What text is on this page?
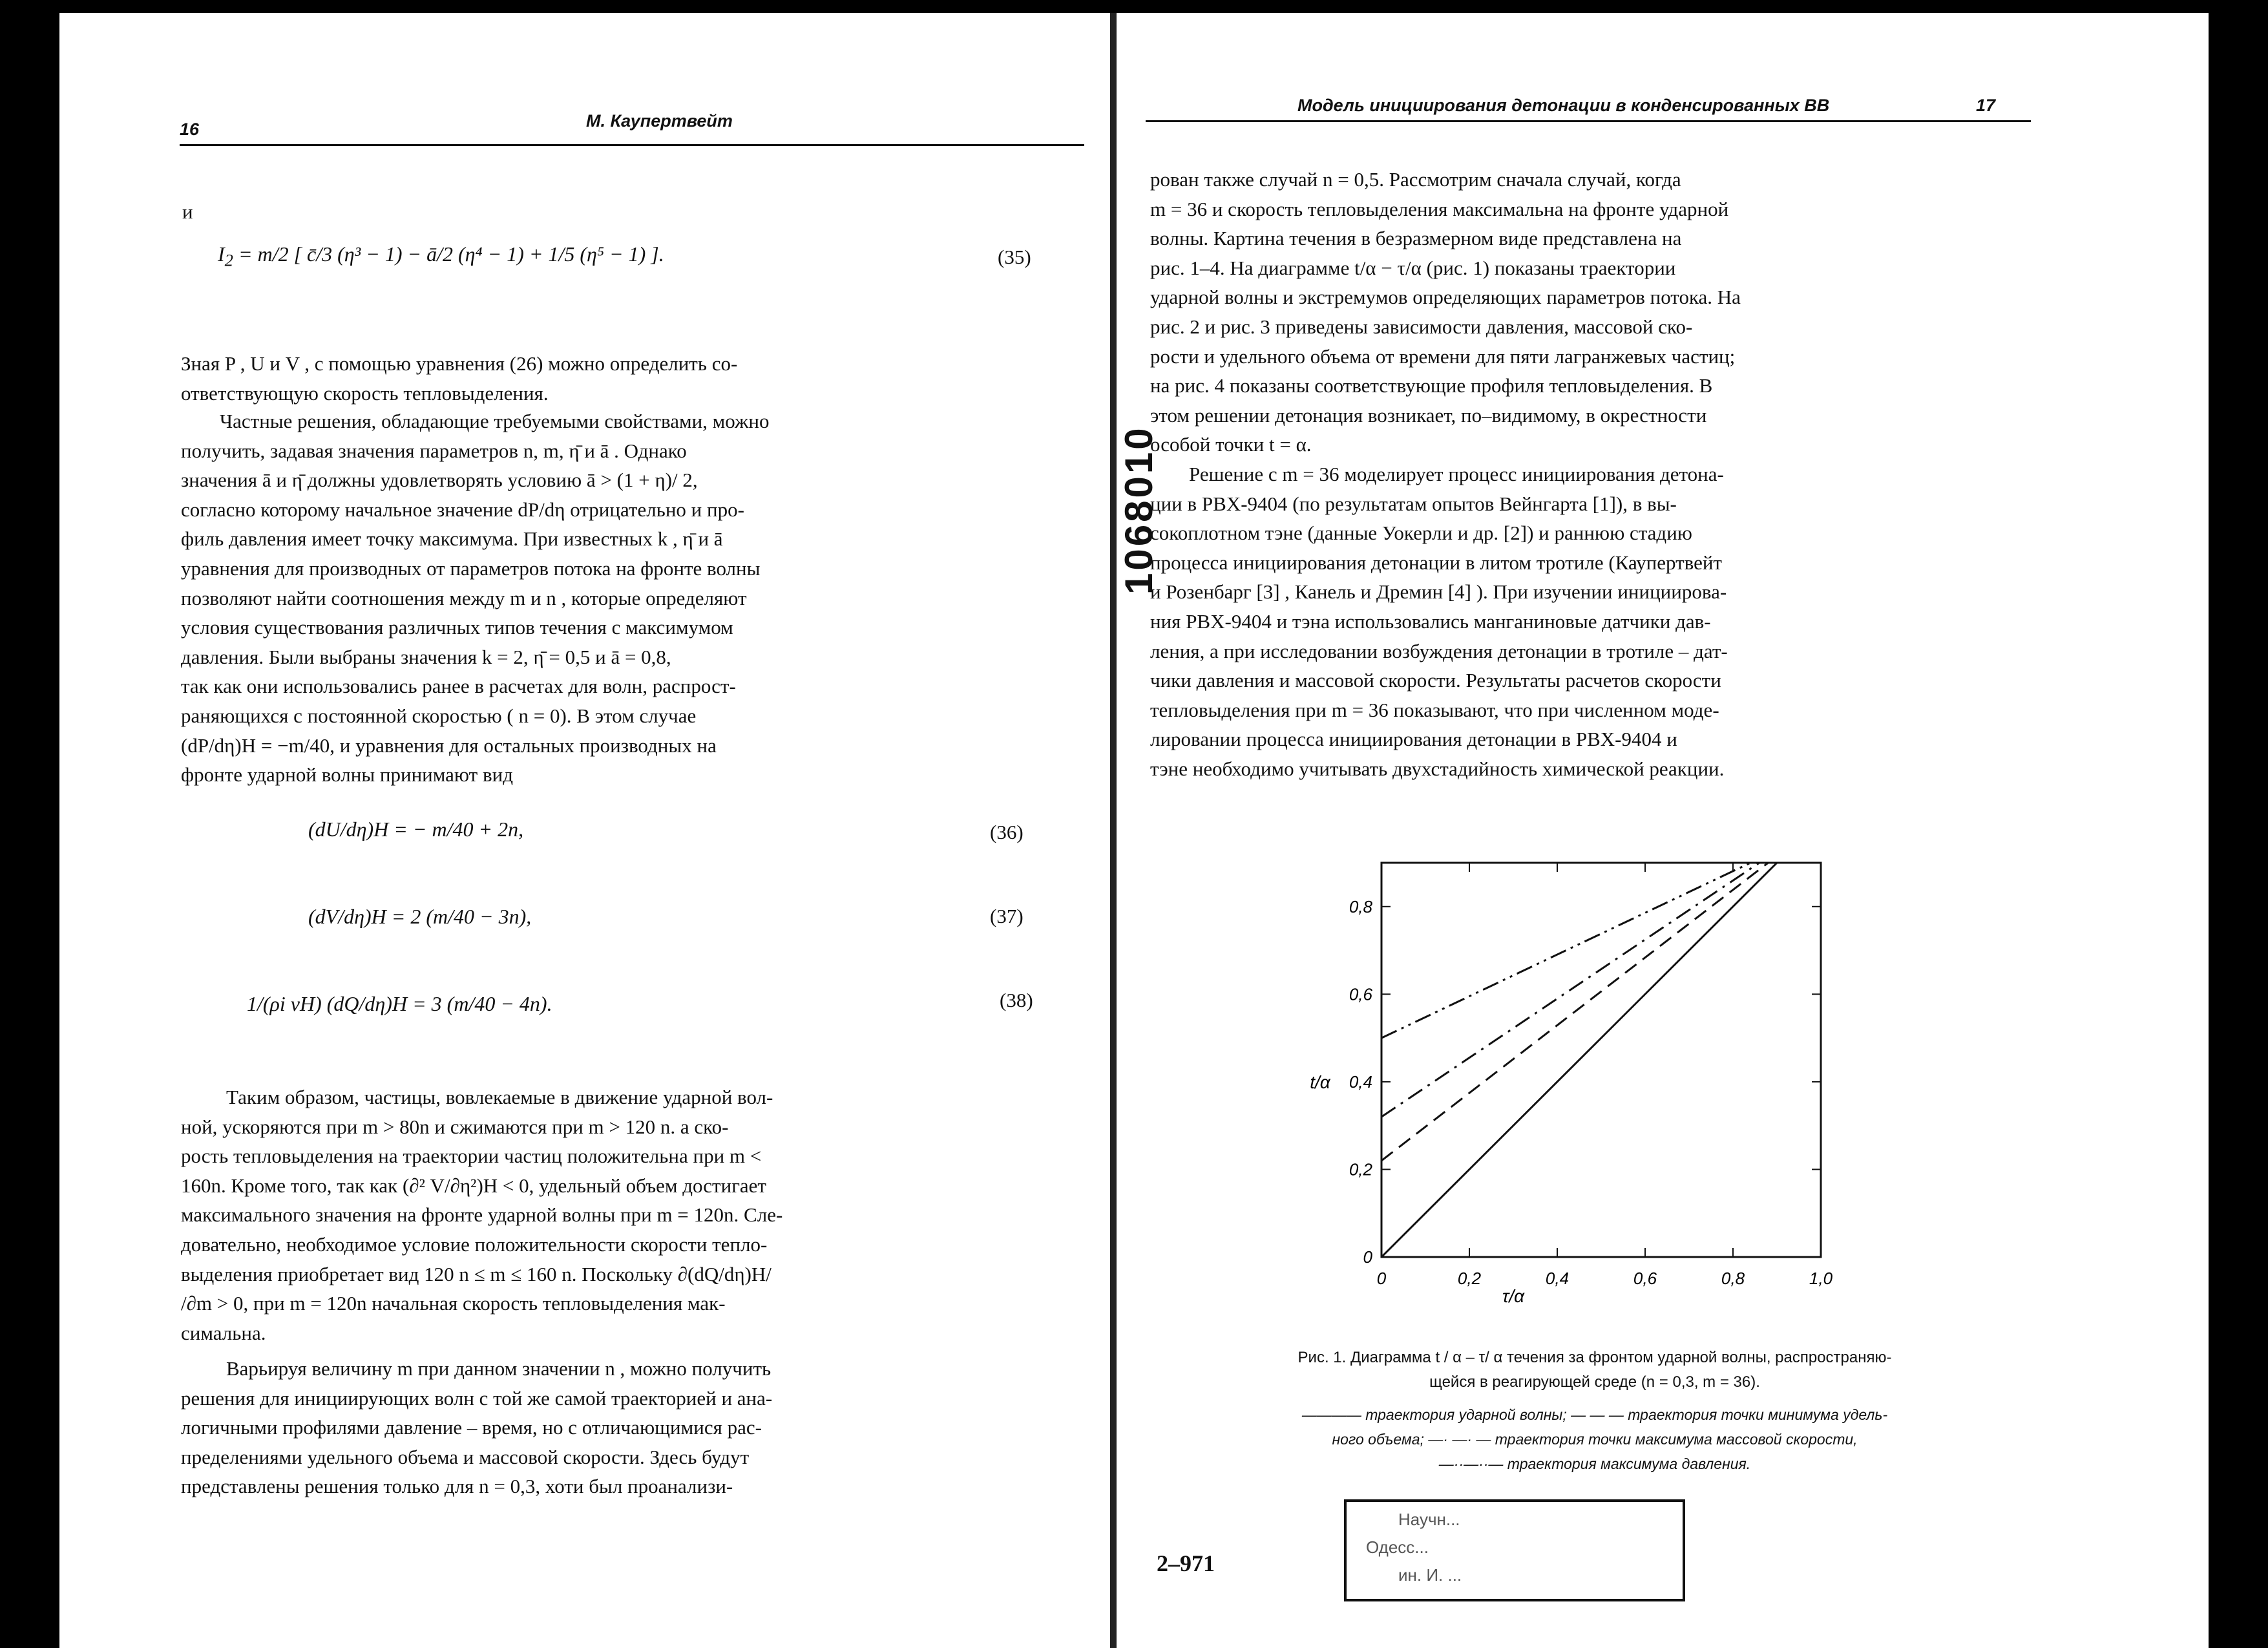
16	М. Каупертвейт
и
$I_2 = m/2$ [ c̄/3 (η³ − 1) − ā/2 (η⁴ − 1) + 1/5 (η⁵ − 1) ].	(35)
Зная P , U и V , с помощью уравнения (26) можно определить со-
ответствующую скорость тепловыделения.
Частные решения, обладающие требуемыми свойствами, можно
получить, задавая значения параметров n, m, η̄ и ā . Однако
значения ā и η̄ должны удовлетворять условию ā > (1 + η)/ 2,
согласно которому начальное значение dP/dη отрицательно и про-
филь давления имеет точку максимума. При известных k , η̄ и ā
уравнения для производных от параметров потока на фронте волны
позволяют найти соотношения между m и n , которые определяют
условия существования различных типов течения с максимумом
давления. Были выбраны значения k = 2, η̄ = 0,5 и ā = 0,8,
так как они использовались ранее в расчетах для волн, распрост-
раняющихся с постоянной скоростью ( n = 0). В этом случае
(dP/dη)H = −m/40, и уравнения для остальных производных на
фронте ударной волны принимают вид
(dU/dη)H = − m/40 + 2n,	(36)
(dV/dη)H = 2 (m/40 − 3n),	(37)
1/(ρi vH) (dQ/dη)H = 3 (m/40 − 4n).	(38)
Таким образом, частицы, вовлекаемые в движение ударной вол-
ной, ускоряются при m > 80n и сжимаются при m > 120 n. а ско-
рость тепловыделения на траектории частиц положительна при m <
160n. Кроме того, так как (∂² V/∂η²)H < 0, удельный объем достигает
максимального значения на фронте ударной волны при m = 120n. Сле-
довательно, необходимое условие положительности скорости тепло-
выделения приобретает вид 120 n ≤ m ≤ 160 n. Поскольку ∂(dQ/dη)H/
/∂m > 0, при m = 120n начальная скорость тепловыделения мак-
симальна.
Варьируя величину m при данном значении n , можно получить
решения для инициирующих волн с той же самой траекторией и ана-
логичными профилями давление – время, но с отличающимися рас-
пределениями удельного объема и массовой скорости. Здесь будут
представлены решения только для n = 0,3, хоти был проанализи-
Модель инициирования детонации в конденсированных ВВ	17
1068010
рован также случай n = 0,5. Рассмотрим сначала случай, когда
m = 36 и скорость тепловыделения максимальна на фронте ударной
волны. Картина течения в безразмерном виде представлена на
рис. 1–4. На диаграмме t/α − τ/α (рис. 1) показаны траектории
ударной волны и экстремумов определяющих параметров потока. На
рис. 2 и рис. 3 приведены зависимости давления, массовой ско-
рости и удельного объема от времени для пяти лагранжевых частиц;
на рис. 4 показаны соответствующие профиля тепловыделения. В
этом решении детонация возникает, по–видимому, в окрестности
особой точки t = α.
Решение с m = 36 моделирует процесс инициирования детона-
ции в PBX-9404 (по результатам опытов Вейнгарта [1]), в вы-
сокоплотном тэне (данные Уокерли и др. [2]) и раннюю стадию
процесса инициирования детонации в литом тротиле (Каупертвейт
и Розенбарг [3] , Канель и Дремин [4] ). При изучении инициирова-
ния PBX-9404 и тэна использовались манганиновые датчики дав-
ления, а при исследовании возбуждения детонации в тротиле – дат-
чики давления и массовой скорости. Результаты расчетов скорости
тепловыделения при m = 36 показывают, что при численном моде-
лировании процесса инициирования детонации в PBX-9404 и
тэне необходимо учитывать двухстадийность химической реакции.
0	0,2	0,4	0,6	0,8	1,0
0
0,2
0,4
0,6
0,8
τ/α
t/α
Рис. 1. Диаграмма t / α – τ/ α течения за фронтом ударной волны, распространяю-
щейся в реагирующей среде (n = 0,3, m = 36).
———— траектория ударной волны; — — — траектория точки минимума удель-
ного объема; —· —· — траектория точки максимума массовой скорости,
—··—··— траектория максимума давления.
2–971
Научн...
Одесс...
ин. И. ...
